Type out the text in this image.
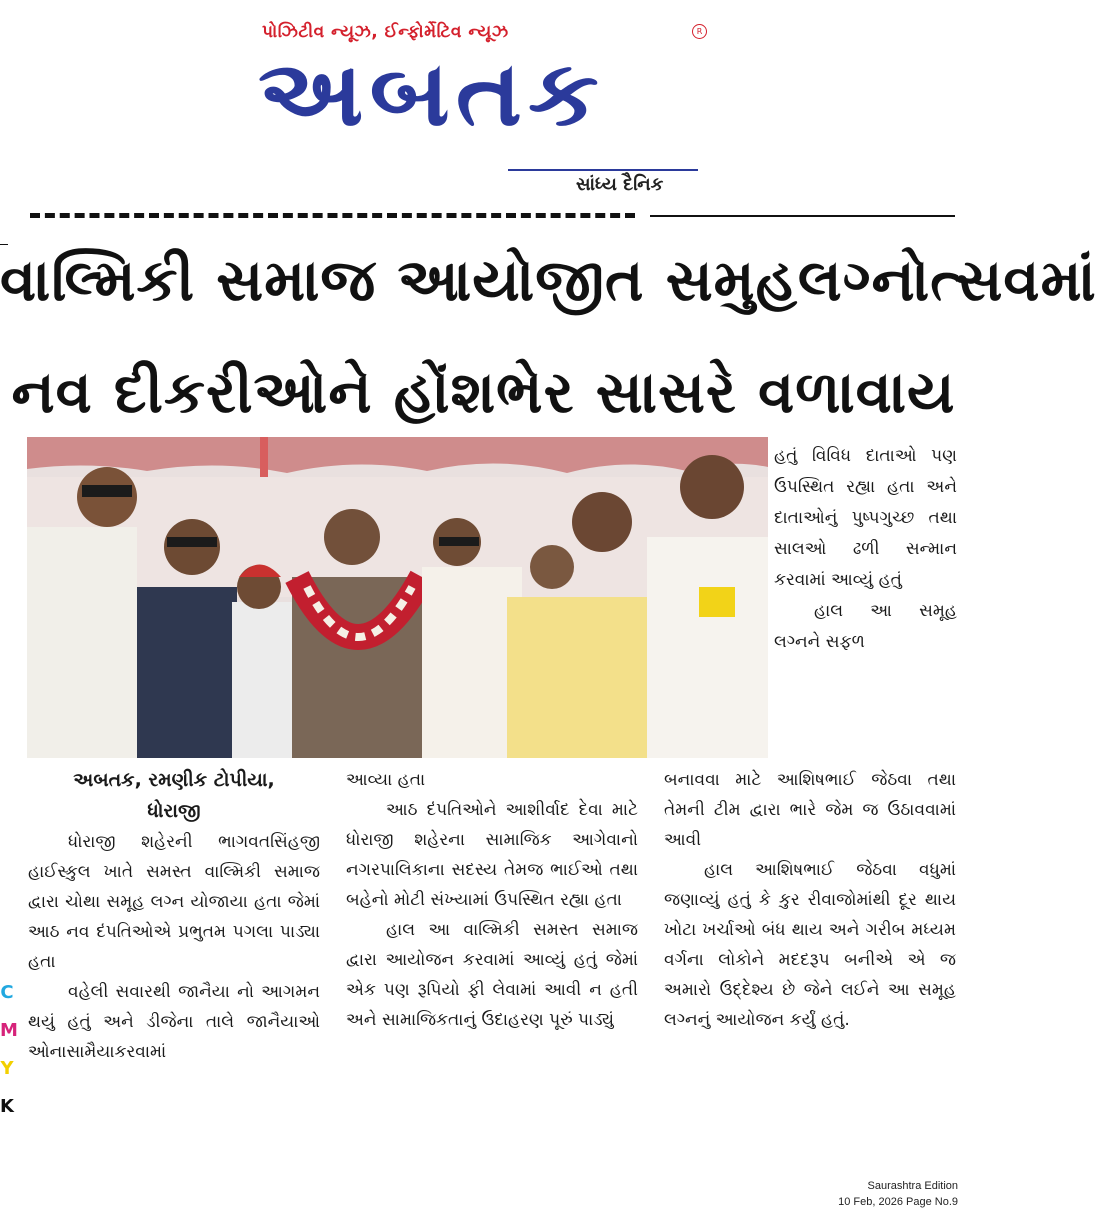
પોઝિટીવ ન્યૂઝ, ઈન્ફોર્મેટિવ ન્યૂઝ	R
અબતક
સાંધ્ય દૈનિક
વાલ્મિકી સમાજ આયોજીત સમુહલગ્નોત્સવમાં
નવ દીકરીઓને હોંશભેર સાસરે વળાવાય

હતું વિવિધ દાતાઓ પણ ઉપસ્થિત રહ્યા હતા અને દાતાઓનું પુષ્પગુચ્છ તથા સાલઓ ઢળી સન્માન કરવામાં આવ્યું હતું

હાલ આ સમૂહ લગ્નને સફળ

અબતક, રમણીક ટોપીયા,
ધોરાજી

ધોરાજી શહેરની ભાગવતસિંહજી હાઈસ્કુલ ખાતે સમસ્ત વાલ્મિકી સમાજ દ્વારા ચોથા સમૂહ લગ્ન યોજાયા હતા જેમાં આઠ નવ દંપતિઓએ પ્રભુતમ પગલા પાડ્યા હતા

વહેલી સવારથી જાનૈયા નો આગમન થયું હતું અને ડીજેના તાલે જાનૈયાઓ ઓનાસામૈયાકરવામાં

આવ્યા હતા

આઠ દંપતિઓને આશીર્વાદ દેવા માટે ધોરાજી શહેરના સામાજિક આગેવાનો નગરપાલિકાના સદસ્ય તેમજ ભાઈઓ તથા બહેનો મોટી સંખ્યામાં ઉપસ્થિત રહ્યા હતા

હાલ આ વાલ્મિકી સમસ્ત સમાજ દ્વારા આયોજન કરવામાં આવ્યું હતું જેમાં એક પણ રૂપિયો ફી લેવામાં આવી ન હતી અને સામાજિકતાનું ઉદાહરણ પૂરું પાડ્યું

બનાવવા માટે આશિષભાઈ જેઠવા તથા તેમની ટીમ દ્વારા ભારે જેમ જ ઉઠાવવામાં આવી

હાલ આશિષભાઈ જેઠવા વધુમાં જણાવ્યું હતું કે કુર રીવાજોમાંથી દૂર થાય ખોટા ખર્ચાઓ બંધ થાય અને ગરીબ મધ્યમ વર્ગના લોકોને મદદરૂપ બનીએ એ જ અમારો ઉદ્દેશ્ય છે જેને લઈને આ સમૂહ લગ્નનું આયોજન કર્યું હતું.

C
M
Y
K
Saurashtra Edition
10 Feb, 2026 Page No.9
